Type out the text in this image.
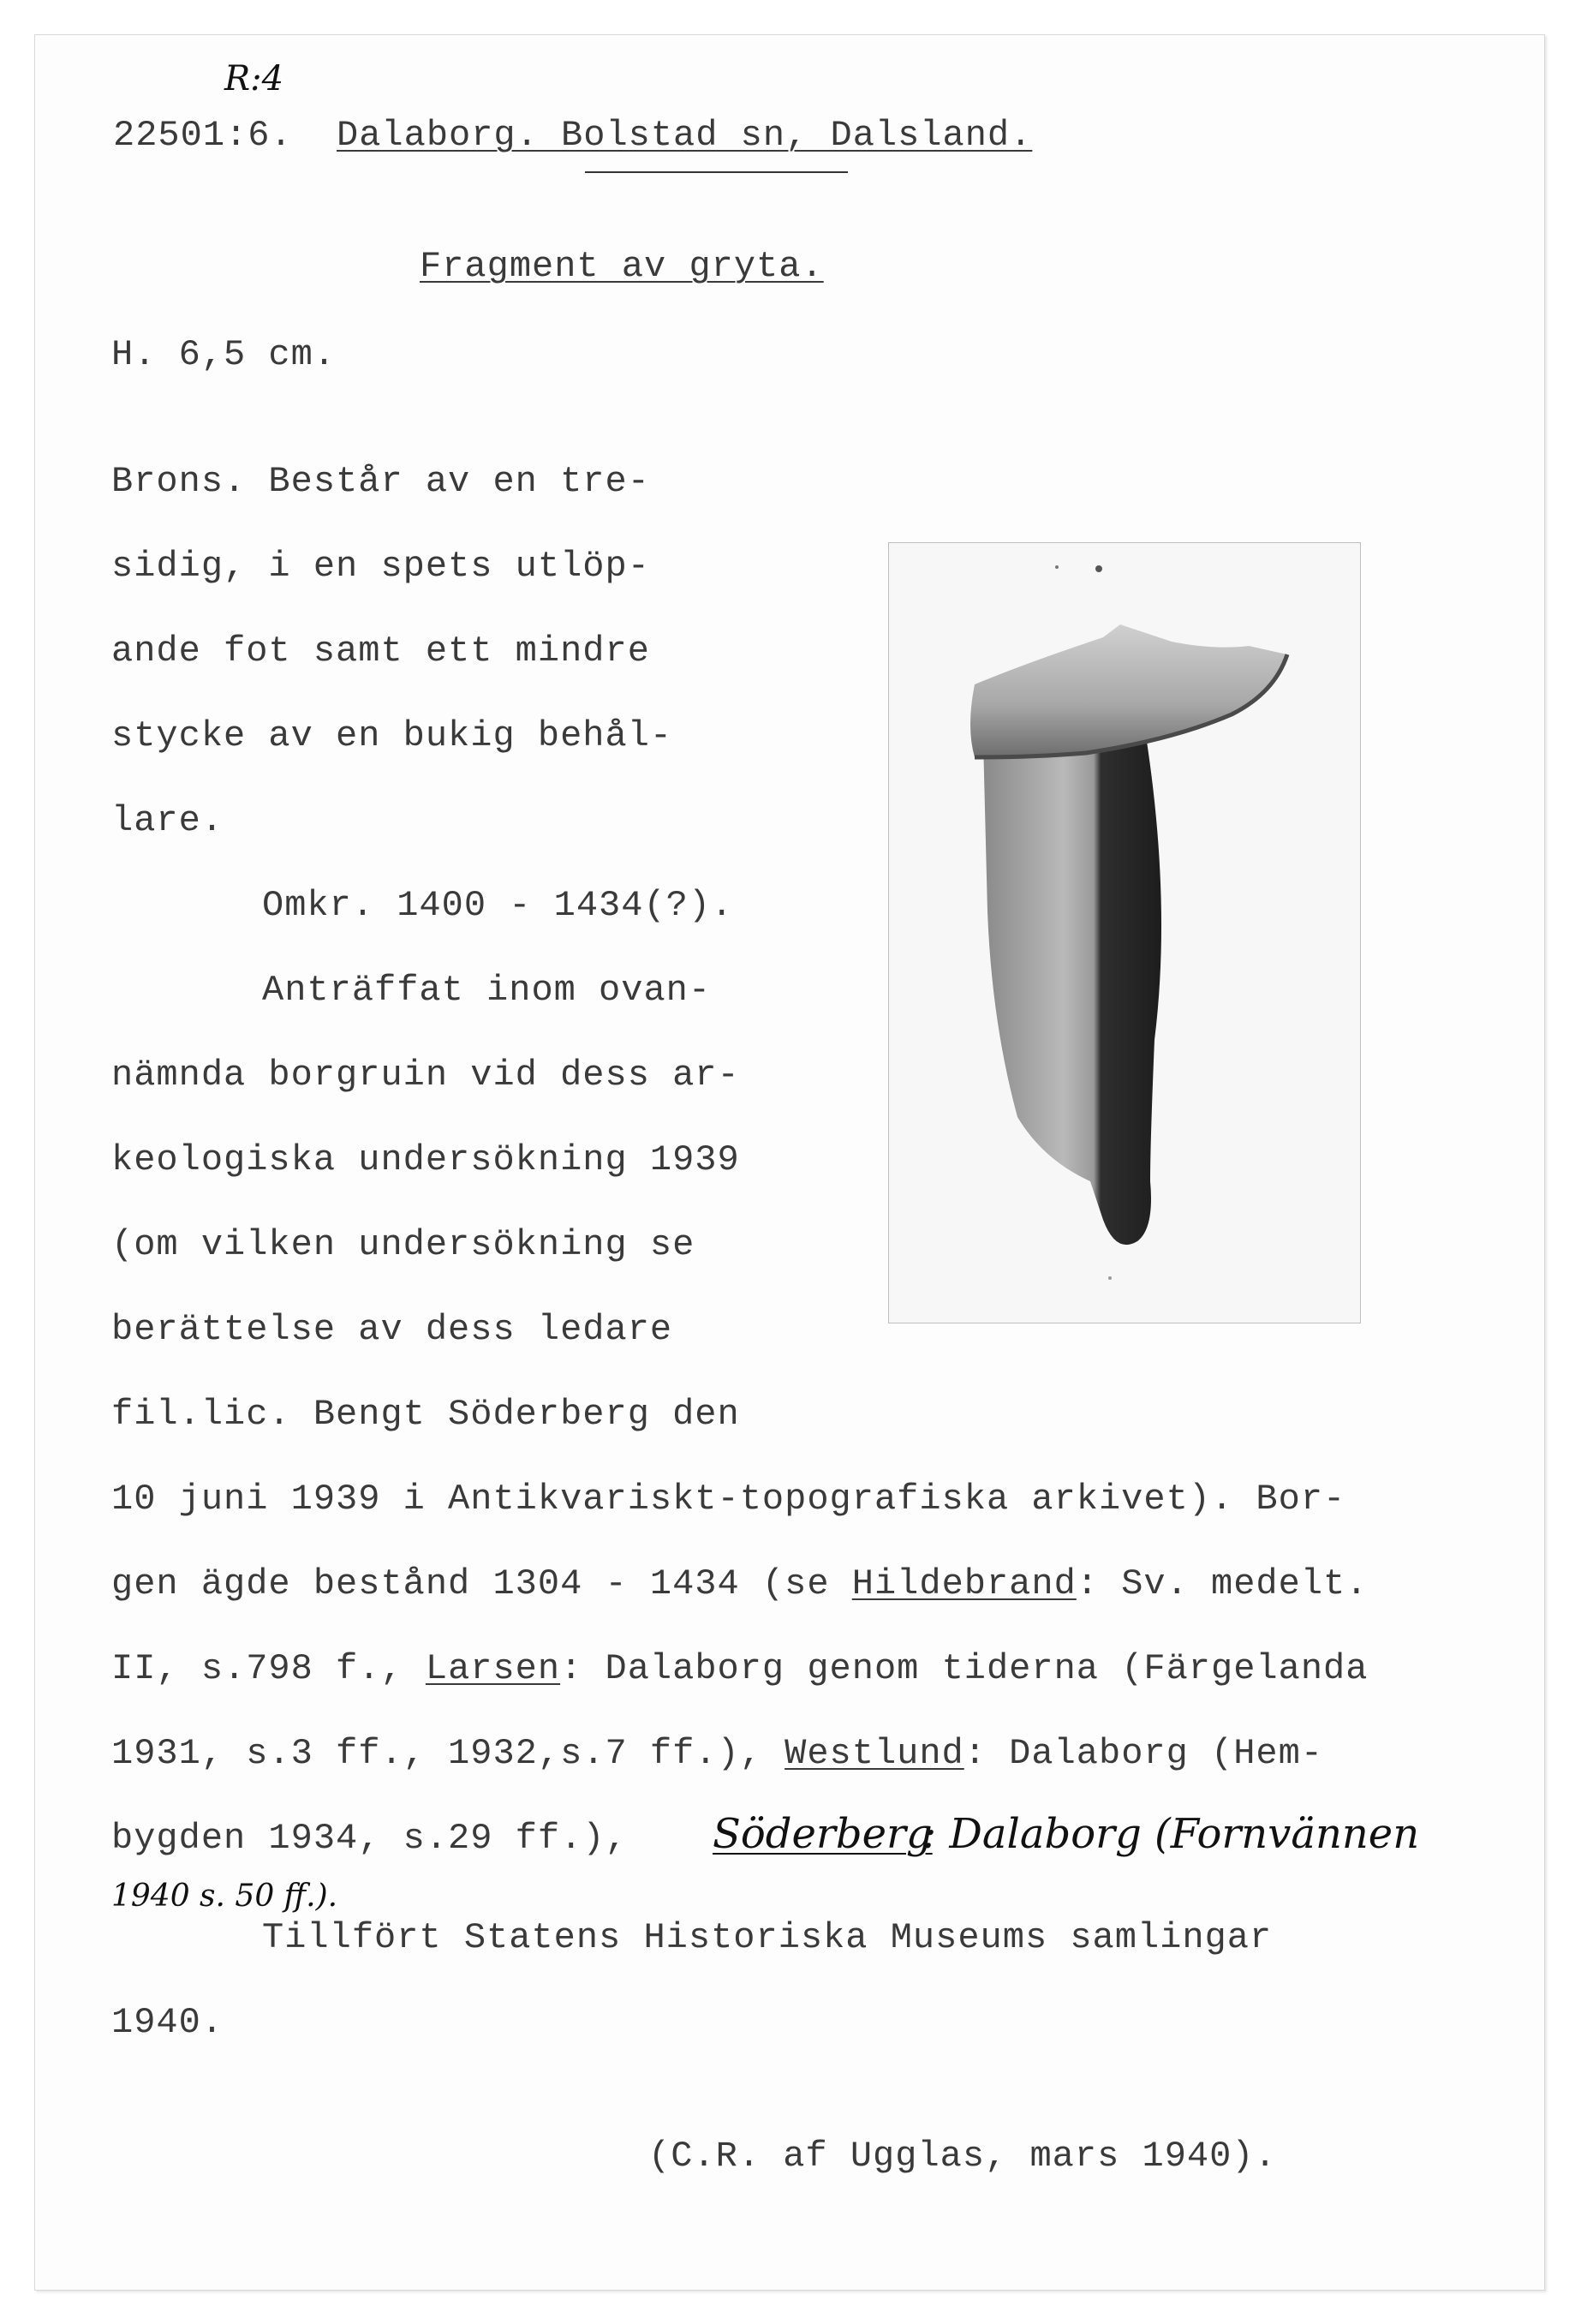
R:4
22501:6. Dalaborg. Bolstad sn, Dalsland.
Fragment av gryta.
H. 6,5 cm.
Brons. Består av en tre-
sidig, i en spets utlöp-
ande fot samt ett mindre
stycke av en bukig behål-
lare.
Omkr. 1400 - 1434(?).
Anträffat inom ovan-
nämnda borgruin vid dess ar-
keologiska undersökning 1939
(om vilken undersökning se
berättelse av dess ledare
fil.lic. Bengt Söderberg den
10 juni 1939 i Antikvariskt-topografiska arkivet). Bor-
gen ägde bestånd 1304 - 1434 (se Hildebrand: Sv. medelt.
II, s.798 f., Larsen: Dalaborg genom tiderna (Färgelanda
1931, s.3 ff., 1932,s.7 ff.), Westlund: Dalaborg (Hem-
bygden 1934, s.29 ff.), Söderberg
: Dalaborg (Fornvännen
1940 s. 50 ff.).
Tillfört Statens Historiska Museums samlingar
1940.
(C.R. af Ugglas, mars 1940).
